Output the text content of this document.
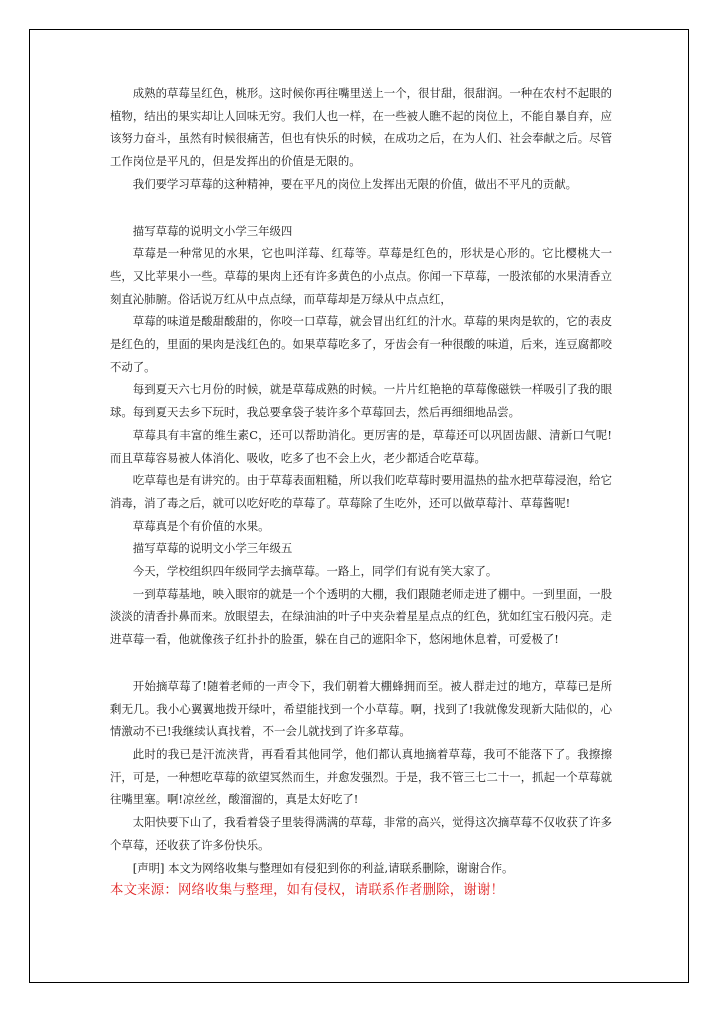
成熟的草莓呈红色，桃形。这时候你再往嘴里送上一个，很甘甜，很甜润。一种在农村不起眼的植物，结出的果实却让人回味无穷。我们人也一样，在一些被人瞧不起的岗位上，不能自暴自弃，应该努力奋斗，虽然有时候很痛苦，但也有快乐的时候，在成功之后，在为人们、社会奉献之后。尽管工作岗位是平凡的，但是发挥出的价值是无限的。

我们要学习草莓的这种精神，要在平凡的岗位上发挥出无限的价值，做出不平凡的贡献。

描写草莓的说明文小学三年级四

草莓是一种常见的水果，它也叫洋莓、红莓等。草莓是红色的，形状是心形的。它比樱桃大一些，又比苹果小一些。草莓的果肉上还有许多黄色的小点点。你闻一下草莓，一股浓郁的水果清香立刻直沁肺腑。俗话说万红从中点点绿，而草莓却是万绿从中点点红，

草莓的味道是酸甜酸甜的，你咬一口草莓，就会冒出红红的汁水。草莓的果肉是软的，它的表皮是红色的，里面的果肉是浅红色的。如果草莓吃多了，牙齿会有一种很酸的味道，后来，连豆腐都咬不动了。

每到夏天六七月份的时候，就是草莓成熟的时候。一片片红艳艳的草莓像磁铁一样吸引了我的眼球。每到夏天去乡下玩时，我总要拿袋子装许多个草莓回去，然后再细细地品尝。

草莓具有丰富的维生素C，还可以帮助消化。更厉害的是，草莓还可以巩固齿龈、清新口气呢!而且草莓容易被人体消化、吸收，吃多了也不会上火，老少都适合吃草莓。

吃草莓也是有讲究的。由于草莓表面粗糙，所以我们吃草莓时要用温热的盐水把草莓浸泡，给它消毒，消了毒之后，就可以吃好吃的草莓了。草莓除了生吃外，还可以做草莓汁、草莓酱呢!

草莓真是个有价值的水果。

描写草莓的说明文小学三年级五

今天，学校组织四年级同学去摘草莓。一路上，同学们有说有笑大家了。

一到草莓基地，映入眼帘的就是一个个透明的大棚，我们跟随老师走进了棚中。一到里面，一股淡淡的清香扑鼻而来。放眼望去，在绿油油的叶子中夹杂着星星点点的红色，犹如红宝石般闪亮。走进草莓一看，他就像孩子红扑扑的脸蛋，躲在自己的遮阳伞下，悠闲地休息着，可爱极了!

开始摘草莓了!随着老师的一声令下，我们朝着大棚蜂拥而至。被人群走过的地方，草莓已是所剩无几。我小心翼翼地拨开绿叶，希望能找到一个小草莓。啊，找到了!我就像发现新大陆似的，心情激动不已!我继续认真找着，不一会儿就找到了许多草莓。

此时的我已是汗流浃背，再看看其他同学，他们都认真地摘着草莓，我可不能落下了。我擦擦汗，可是，一种想吃草莓的欲望冥然而生，并愈发强烈。于是，我不管三七二十一，抓起一个草莓就往嘴里塞。啊!凉丝丝，酸溜溜的，真是太好吃了!

太阳快要下山了，我看着袋子里装得满满的草莓，非常的高兴，觉得这次摘草莓不仅收获了许多个草莓，还收获了许多份快乐。

[声明] 本文为网络收集与整理如有侵犯到你的利益,请联系删除，谢谢合作。

本文来源：网络收集与整理，如有侵权，请联系作者删除，谢谢！
